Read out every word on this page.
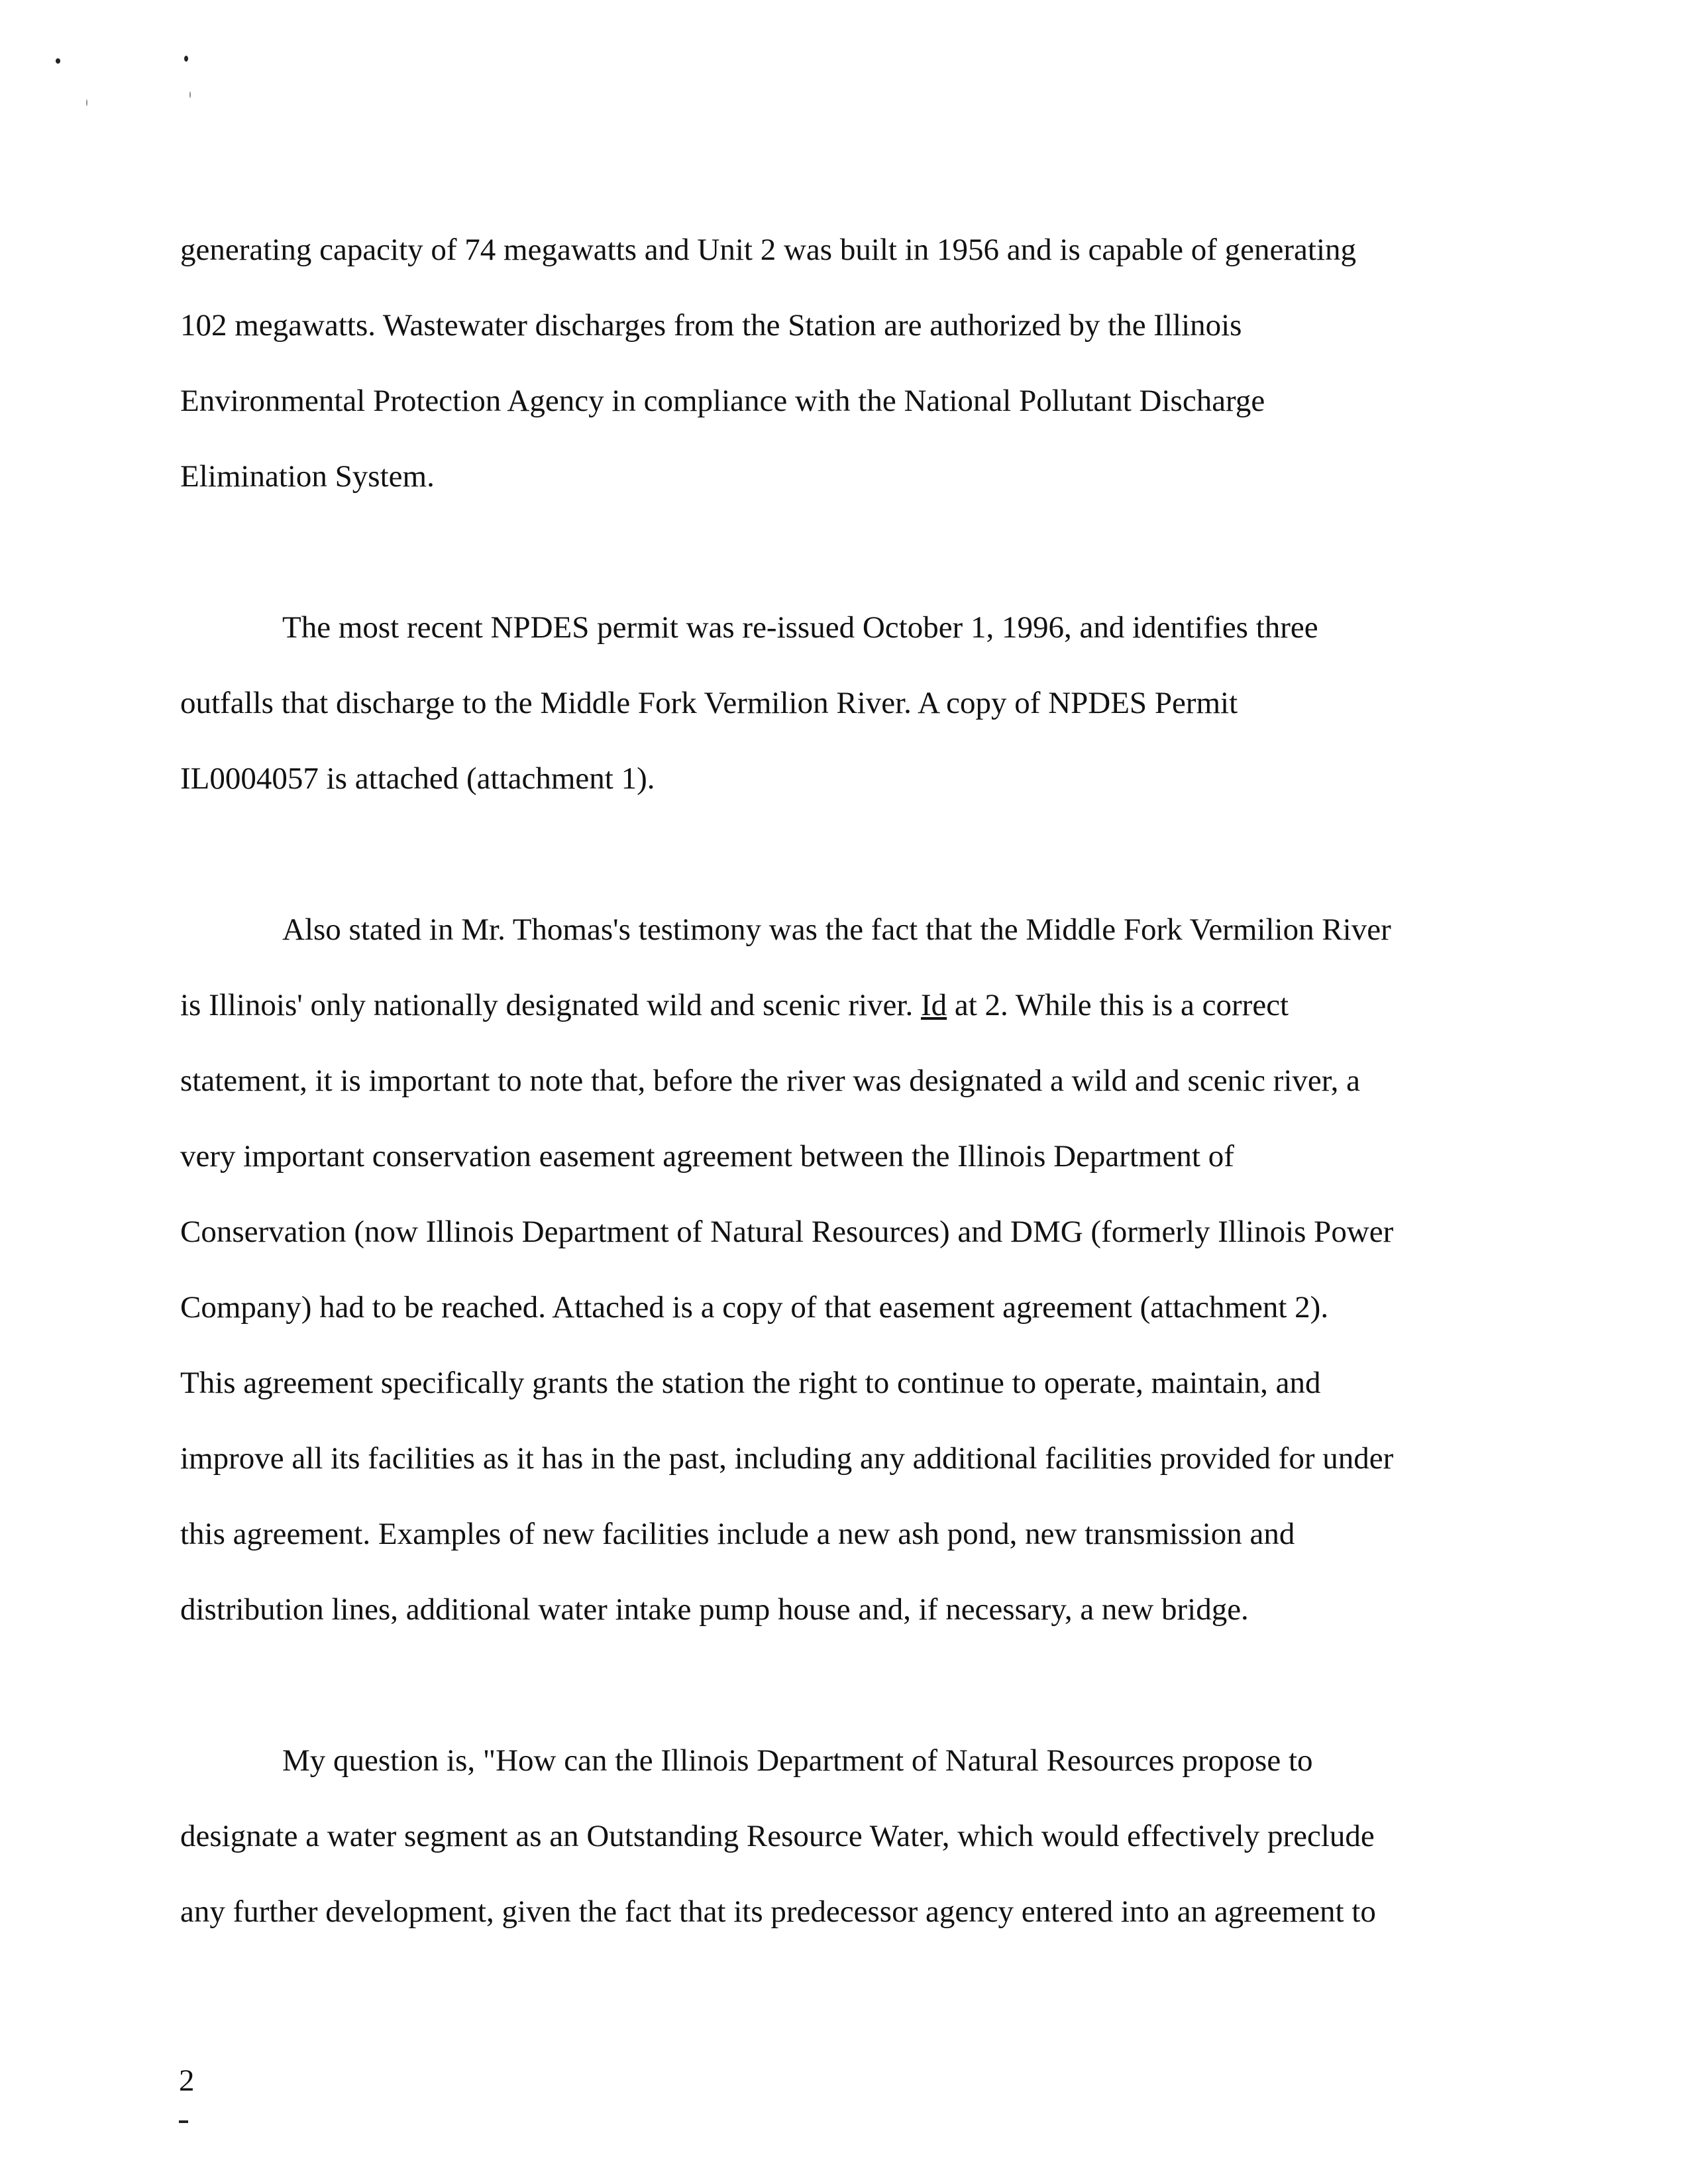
generating capacity of 74 megawatts and Unit 2 was built in 1956 and is capable of generating
102 megawatts. Wastewater discharges from the Station are authorized by the Illinois
Environmental Protection Agency in compliance with the National Pollutant Discharge
Elimination System.

The most recent NPDES permit was re-issued October 1, 1996, and identifies three
outfalls that discharge to the Middle Fork Vermilion River. A copy of NPDES Permit
IL0004057 is attached (attachment 1).

Also stated in Mr. Thomas's testimony was the fact that the Middle Fork Vermilion River
is Illinois' only nationally designated wild and scenic river. Id at 2. While this is a correct
statement, it is important to note that, before the river was designated a wild and scenic river, a
very important conservation easement agreement between the Illinois Department of
Conservation (now Illinois Department of Natural Resources) and DMG (formerly Illinois Power
Company) had to be reached. Attached is a copy of that easement agreement (attachment 2).
This agreement specifically grants the station the right to continue to operate, maintain, and
improve all its facilities as it has in the past, including any additional facilities provided for under
this agreement. Examples of new facilities include a new ash pond, new transmission and
distribution lines, additional water intake pump house and, if necessary, a new bridge.

My question is, "How can the Illinois Department of Natural Resources propose to
designate a water segment as an Outstanding Resource Water, which would effectively preclude
any further development, given the fact that its predecessor agency entered into an agreement to

2
